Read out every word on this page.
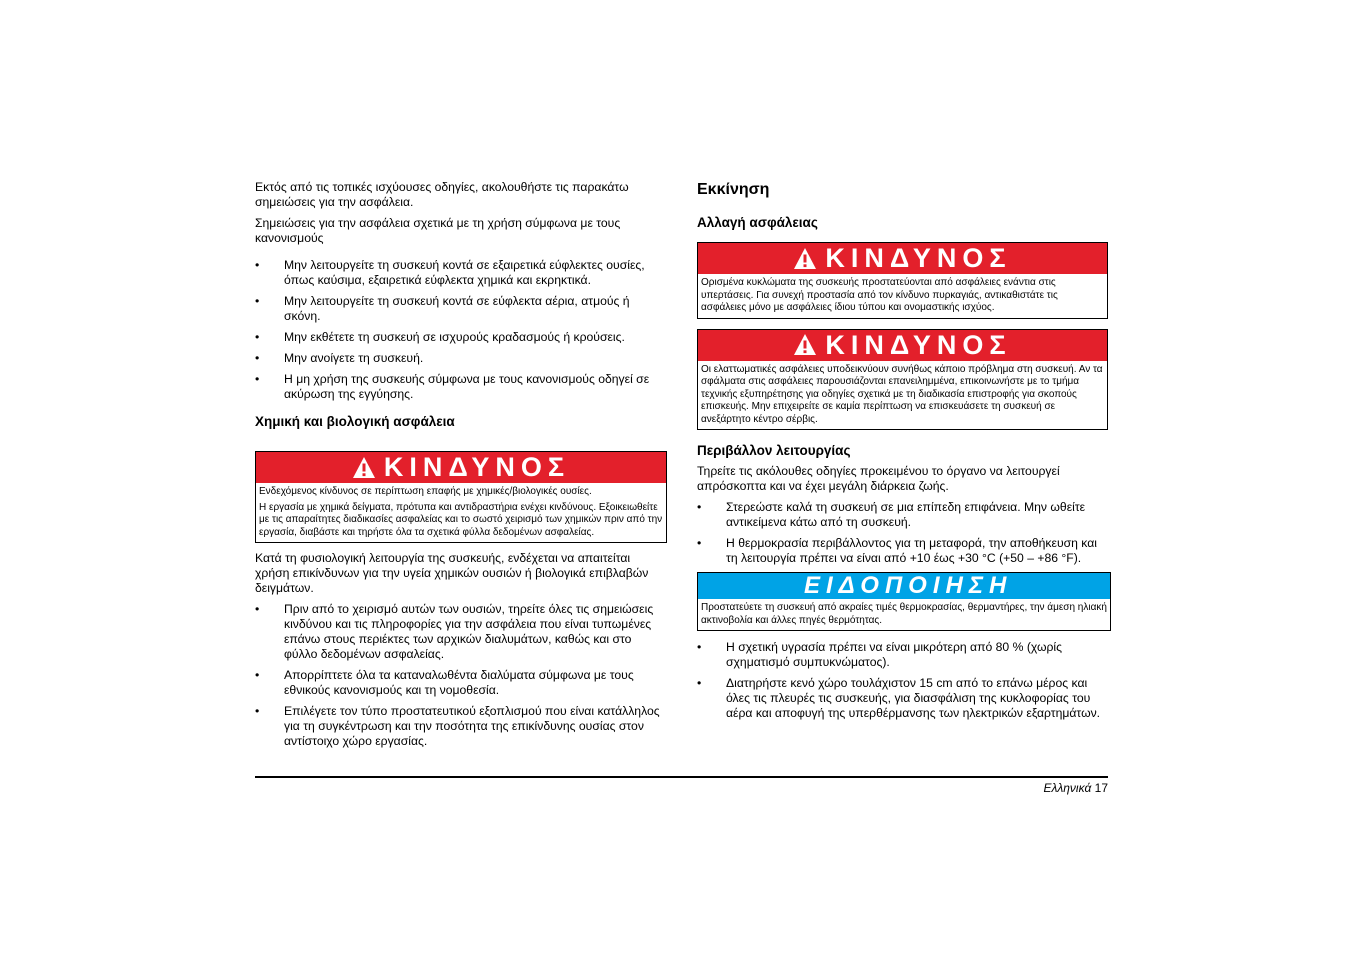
Εκτός από τις τοπικές ισχύουσες οδηγίες, ακολουθήστε τις παρακάτω σημειώσεις για την ασφάλεια.

Σημειώσεις για την ασφάλεια σχετικά με τη χρήση σύμφωνα με τους κανονισμούς

• Μην λειτουργείτε τη συσκευή κοντά σε εξαιρετικά εύφλεκτες ουσίες, όπως καύσιμα, εξαιρετικά εύφλεκτα χημικά και εκρηκτικά.
• Μην λειτουργείτε τη συσκευή κοντά σε εύφλεκτα αέρια, ατμούς ή σκόνη.
• Μην εκθέτετε τη συσκευή σε ισχυρούς κραδασμούς ή κρούσεις.
• Μην ανοίγετε τη συσκευή.
• Η μη χρήση της συσκευής σύμφωνα με τους κανονισμούς οδηγεί σε ακύρωση της εγγύησης.
Χημική και βιολογική ασφάλεια
ΚΙΝΔΥΝΟΣ

Ενδεχόμενος κίνδυνος σε περίπτωση επαφής με χημικές/βιολογικές ουσίες.

Η εργασία με χημικά δείγματα, πρότυπα και αντιδραστήρια ενέχει κινδύνους. Εξοικειωθείτε με τις απαραίτητες διαδικασίες ασφαλείας και το σωστό χειρισμό των χημικών πριν από την εργασία, διαβάστε και τηρήστε όλα τα σχετικά φύλλα δεδομένων ασφαλείας.

Κατά τη φυσιολογική λειτουργία της συσκευής, ενδέχεται να απαιτείται χρήση επικίνδυνων για την υγεία χημικών ουσιών ή βιολογικά επιβλαβών δειγμάτων.

• Πριν από το χειρισμό αυτών των ουσιών, τηρείτε όλες τις σημειώσεις κινδύνου και τις πληροφορίες για την ασφάλεια που είναι τυπωμένες επάνω στους περιέκτες των αρχικών διαλυμάτων, καθώς και στο φύλλο δεδομένων ασφαλείας.
• Απορρίπτετε όλα τα καταναλωθέντα διαλύματα σύμφωνα με τους εθνικούς κανονισμούς και τη νομοθεσία.
• Επιλέγετε τον τύπο προστατευτικού εξοπλισμού που είναι κατάλληλος για τη συγκέντρωση και την ποσότητα της επικίνδυνης ουσίας στον αντίστοιχο χώρο εργασίας.
Εκκίνηση
Αλλαγή ασφάλειας
ΚΙΝΔΥΝΟΣ

Ορισμένα κυκλώματα της συσκευής προστατεύονται από ασφάλειες ενάντια στις υπερτάσεις. Για συνεχή προστασία από τον κίνδυνο πυρκαγιάς, αντικαθιστάτε τις ασφάλειες μόνο με ασφάλειες ίδιου τύπου και ονομαστικής ισχύος.

ΚΙΝΔΥΝΟΣ

Οι ελαττωματικές ασφάλειες υποδεικνύουν συνήθως κάποιο πρόβλημα στη συσκευή. Αν τα σφάλματα στις ασφάλειες παρουσιάζονται επανειλημμένα, επικοινωνήστε με το τμήμα τεχνικής εξυπηρέτησης για οδηγίες σχετικά με τη διαδικασία επιστροφής για σκοπούς επισκευής. Μην επιχειρείτε σε καμία περίπτωση να επισκευάσετε τη συσκευή σε ανεξάρτητο κέντρο σέρβις.

Περιβάλλον λειτουργίας

Τηρείτε τις ακόλουθες οδηγίες προκειμένου το όργανο να λειτουργεί απρόσκοπτα και να έχει μεγάλη διάρκεια ζωής.

• Στερεώστε καλά τη συσκευή σε μια επίπεδη επιφάνεια. Μην ωθείτε αντικείμενα κάτω από τη συσκευή.
• Η θερμοκρασία περιβάλλοντος για τη μεταφορά, την αποθήκευση και τη λειτουργία πρέπει να είναι από +10 έως +30 °C (+50 – +86 °F).
ΕΙΔΟΠΟΙΗΣΗ

Προστατεύετε τη συσκευή από ακραίες τιμές θερμοκρασίας, θερμαντήρες, την άμεση ηλιακή ακτινοβολία και άλλες πηγές θερμότητας.

• Η σχετική υγρασία πρέπει να είναι μικρότερη από 80 % (χωρίς σχηματισμό συμπυκνώματος).
• Διατηρήστε κενό χώρο τουλάχιστον 15 cm από το επάνω μέρος και όλες τις πλευρές τις συσκευής, για διασφάλιση της κυκλοφορίας του αέρα και αποφυγή της υπερθέρμανσης των ηλεκτρικών εξαρτημάτων.
Ελληνικά 17
